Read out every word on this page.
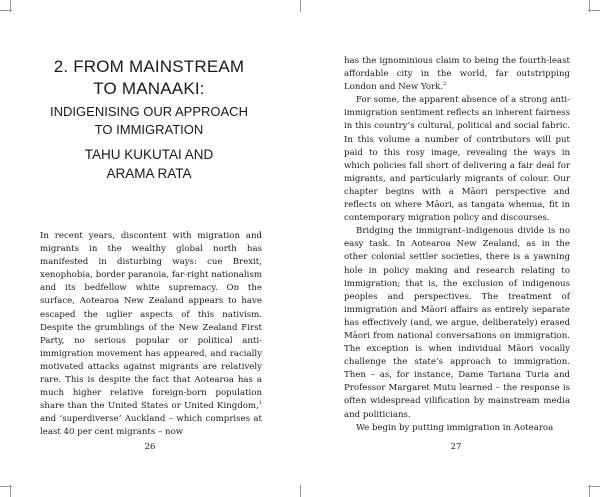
2. FROM MAINSTREAM
TO MANAAKI:
INDIGENISING OUR APPROACH
TO IMMIGRATION
TAHU KUKUTAI AND
ARAMA RATA

In recent years, discontent with migration and migrants in the wealthy global north has manifested in disturbing ways: cue Brexit, xenophobia, border paranoia, far-right nationalism and its bedfellow white supremacy. On the surface, Aotearoa New Zealand appears to have escaped the uglier aspects of this nativism. Despite the grumblings of the New Zealand First Party, no serious popular or political anti-immigration movement has appeared, and racially motivated attacks against migrants are relatively rare. This is despite the fact that Aotearoa has a much higher relative foreign-born population share than the United States or United Kingdom,$^1$ and ‘superdiverse’ Auckland – which comprises at least 40 per cent migrants – now

26

has the ignominious claim to being the fourth-least affordable city in the world, far outstripping London and New York.$^2$

For some, the apparent absence of a strong anti-immigration sentiment reflects an inherent fairness in this country’s cultural, political and social fabric. In this volume a number of contributors will put paid to this rosy image, revealing the ways in which policies fall short of delivering a fair deal for migrants, and particularly migrants of colour. Our chapter begins with a Māori perspective and reflects on where Māori, as tangata whenua, fit in contemporary migration policy and discourses.

Bridging the immigrant–indigenous divide is no easy task. In Aotearoa New Zealand, as in the other colonial settler societies, there is a yawning hole in policy making and research relating to immigration; that is, the exclusion of indigenous peoples and perspectives. The treatment of immigration and Māori affairs as entirely separate has effectively (and, we argue, deliberately) erased Māori from national conversations on immigration. The exception is when individual Māori vocally challenge the state’s approach to immigration. Then – as, for instance, Dame Tariana Turia and Professor Margaret Mutu learned – the response is often widespread vilification by mainstream media and politicians.

We begin by putting immigration in Aotearoa

27
